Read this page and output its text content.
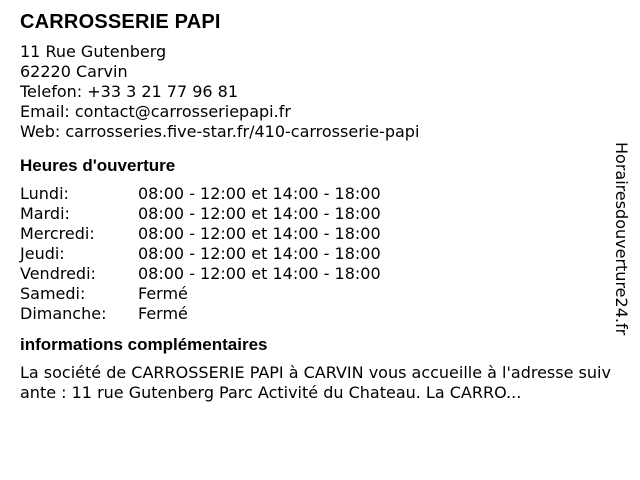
CARROSSERIE PAPI
11 Rue Gutenberg
62220 Carvin
Telefon: +33 3 21 77 96 81
Email: contact@carrosseriepapi.fr
Web: carrosseries.five-star.fr/410-carrosserie-papi
Heures d'ouverture
Lundi:	08:00 - 12:00 et 14:00 - 18:00
Mardi:	08:00 - 12:00 et 14:00 - 18:00
Mercredi:	08:00 - 12:00 et 14:00 - 18:00
Jeudi:	08:00 - 12:00 et 14:00 - 18:00
Vendredi:	08:00 - 12:00 et 14:00 - 18:00
Samedi:	Fermé
Dimanche:	Fermé
informations complémentaires
La société de CARROSSERIE PAPI à CARVIN vous accueille à l'adresse suivante : 11 rue Gutenberg Parc Activité du Chateau. La CARRO...
Horairesdouverture24.fr
